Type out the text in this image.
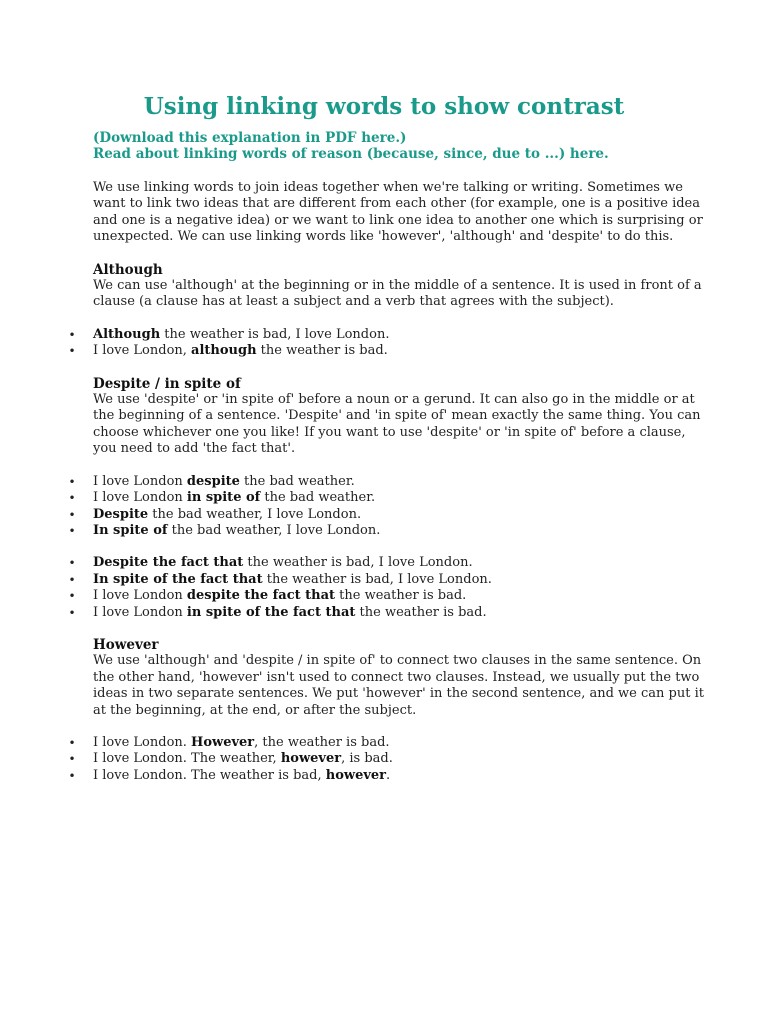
Using linking words to show contrast
(Download this explanation in PDF here.)
Read about linking words of reason (because, since, due to ...) here.

We use linking words to join ideas together when we're talking or writing. Sometimes we want to link two ideas that are different from each other (for example, one is a positive idea and one is a negative idea) or we want to link one idea to another one which is surprising or unexpected. We can use linking words like 'however', 'although' and 'despite' to do this.

Although

We can use 'although' at the beginning or in the middle of a sentence. It is used in front of a clause (a clause has at least a subject and a verb that agrees with the subject).

• Although the weather is bad, I love London.
• I love London, although the weather is bad.

Despite / in spite of

We use 'despite' or 'in spite of' before a noun or a gerund. It can also go in the middle or at the beginning of a sentence. 'Despite' and 'in spite of' mean exactly the same thing. You can choose whichever one you like! If you want to use 'despite' or 'in spite of' before a clause, you need to add 'the fact that'.

• I love London despite the bad weather.
• I love London in spite of the bad weather.
• Despite the bad weather, I love London.
• In spite of the bad weather, I love London.
• Despite the fact that the weather is bad, I love London.
• In spite of the fact that the weather is bad, I love London.
• I love London despite the fact that the weather is bad.
• I love London in spite of the fact that the weather is bad.

However

We use 'although' and 'despite / in spite of' to connect two clauses in the same sentence. On the other hand, 'however' isn't used to connect two clauses. Instead, we usually put the two ideas in two separate sentences. We put 'however' in the second sentence, and we can put it at the beginning, at the end, or after the subject.

• I love London. However, the weather is bad.
• I love London. The weather, however, is bad.
• I love London. The weather is bad, however.
